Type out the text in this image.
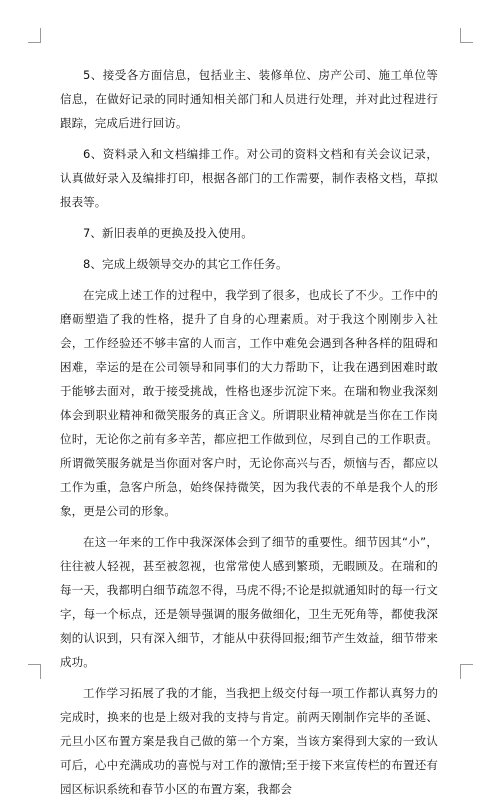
5、接受各方面信息，包括业主、装修单位、房产公司、施工单位等信息，在做好记录的同时通知相关部门和人员进行处理，并对此过程进行跟踪，完成后进行回访。

6、资料录入和文档编排工作。对公司的资料文档和有关会议记录，认真做好录入及编排打印，根据各部门的工作需要，制作表格文档，草拟报表等。

7、新旧表单的更换及投入使用。

8、完成上级领导交办的其它工作任务。

在完成上述工作的过程中，我学到了很多，也成长了不少。工作中的磨砺塑造了我的性格，提升了自身的心理素质。对于我这个刚刚步入社会，工作经验还不够丰富的人而言，工作中难免会遇到各种各样的阻碍和困难，幸运的是在公司领导和同事们的大力帮助下，让我在遇到困难时敢于能够去面对，敢于接受挑战，性格也逐步沉淀下来。在瑞和物业我深刻体会到职业精神和微笑服务的真正含义。所谓职业精神就是当你在工作岗位时，无论你之前有多辛苦，都应把工作做到位，尽到自己的工作职责。所谓微笑服务就是当你面对客户时，无论你高兴与否，烦恼与否，都应以工作为重，急客户所急，始终保持微笑，因为我代表的不单是我个人的形象，更是公司的形象。

在这一年来的工作中我深深体会到了细节的重要性。细节因其“小”，往往被人轻视，甚至被忽视，也常常使人感到繁琐，无暇顾及。在瑞和的每一天，我都明白细节疏忽不得，马虎不得;不论是拟就通知时的每一行文字，每一个标点，还是领导强调的服务做细化，卫生无死角等，都使我深刻的认识到，只有深入细节，才能从中获得回报;细节产生效益，细节带来成功。

工作学习拓展了我的才能，当我把上级交付每一项工作都认真努力的完成时，换来的也是上级对我的支持与肯定。前两天刚制作完毕的圣诞、元旦小区布置方案是我自己做的第一个方案，当该方案得到大家的一致认可后，心中充满成功的喜悦与对工作的激情;至于接下来宣传栏的布置还有园区标识系统和春节小区的布置方案，我都会
